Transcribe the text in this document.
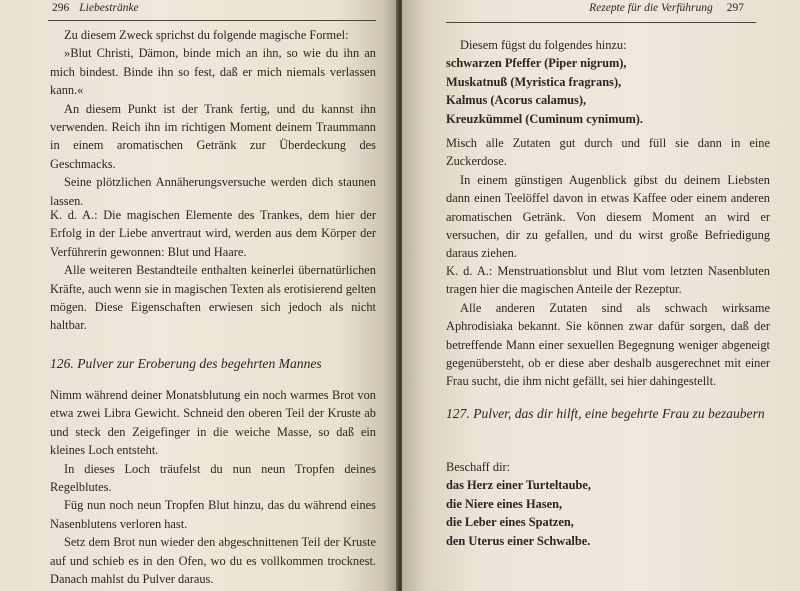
296 Liebestränke

Zu diesem Zweck sprichst du folgende magische Formel:

»Blut Christi, Dämon, binde mich an ihn, so wie du ihn an mich bindest. Binde ihn so fest, daß er mich niemals verlassen kann.«

An diesem Punkt ist der Trank fertig, und du kannst ihn verwenden. Reich ihn im richtigen Moment deinem Traummann in einem aromatischen Getränk zur Überdeckung des Geschmacks.

Seine plötzlichen Annäherungsversuche werden dich staunen lassen.

K. d. A.: Die magischen Elemente des Trankes, dem hier der Erfolg in der Liebe anvertraut wird, werden aus dem Körper der Verführerin gewonnen: Blut und Haare.

Alle weiteren Bestandteile enthalten keinerlei übernatürlichen Kräfte, auch wenn sie in magischen Texten als erotisierend gelten mögen. Diese Eigenschaften erwiesen sich jedoch als nicht haltbar.

126. Pulver zur Eroberung des begehrten Mannes

Nimm während deiner Monatsblutung ein noch warmes Brot von etwa zwei Libra Gewicht. Schneid den oberen Teil der Kruste ab und steck den Zeigefinger in die weiche Masse, so daß ein kleines Loch entsteht.

In dieses Loch träufelst du nun neun Tropfen deines Regelblutes.

Füg nun noch neun Tropfen Blut hinzu, das du während eines Nasenblutens verloren hast.

Setz dem Brot nun wieder den abgeschnittenen Teil der Kruste auf und schieb es in den Ofen, wo du es vollkommen trocknest. Danach mahlst du Pulver daraus.

Rezepte für die Verführung 297

Diesem fügst du folgendes hinzu:

schwarzen Pfeffer (Piper nigrum),
Muskatnuß (Myristica fragrans),
Kalmus (Acorus calamus),
Kreuzkümmel (Cuminum cynimum).

Misch alle Zutaten gut durch und füll sie dann in eine Zuckerdose.

In einem günstigen Augenblick gibst du deinem Liebsten dann einen Teelöffel davon in etwas Kaffee oder einem anderen aromatischen Getränk. Von diesem Moment an wird er versuchen, dir zu gefallen, und du wirst große Befriedigung daraus ziehen.

K. d. A.: Menstruationsblut und Blut vom letzten Nasenbluten tragen hier die magischen Anteile der Rezeptur.

Alle anderen Zutaten sind als schwach wirksame Aphrodisiaka bekannt. Sie können zwar dafür sorgen, daß der betreffende Mann einer sexuellen Begegnung weniger abgeneigt gegenübersteht, ob er diese aber deshalb ausgerechnet mit einer Frau sucht, die ihm nicht gefällt, sei hier dahingestellt.

127. Pulver, das dir hilft, eine begehrte Frau zu bezaubern
Beschaff dir:
das Herz einer Turteltaube,
die Niere eines Hasen,
die Leber eines Spatzen,
den Uterus einer Schwalbe.
